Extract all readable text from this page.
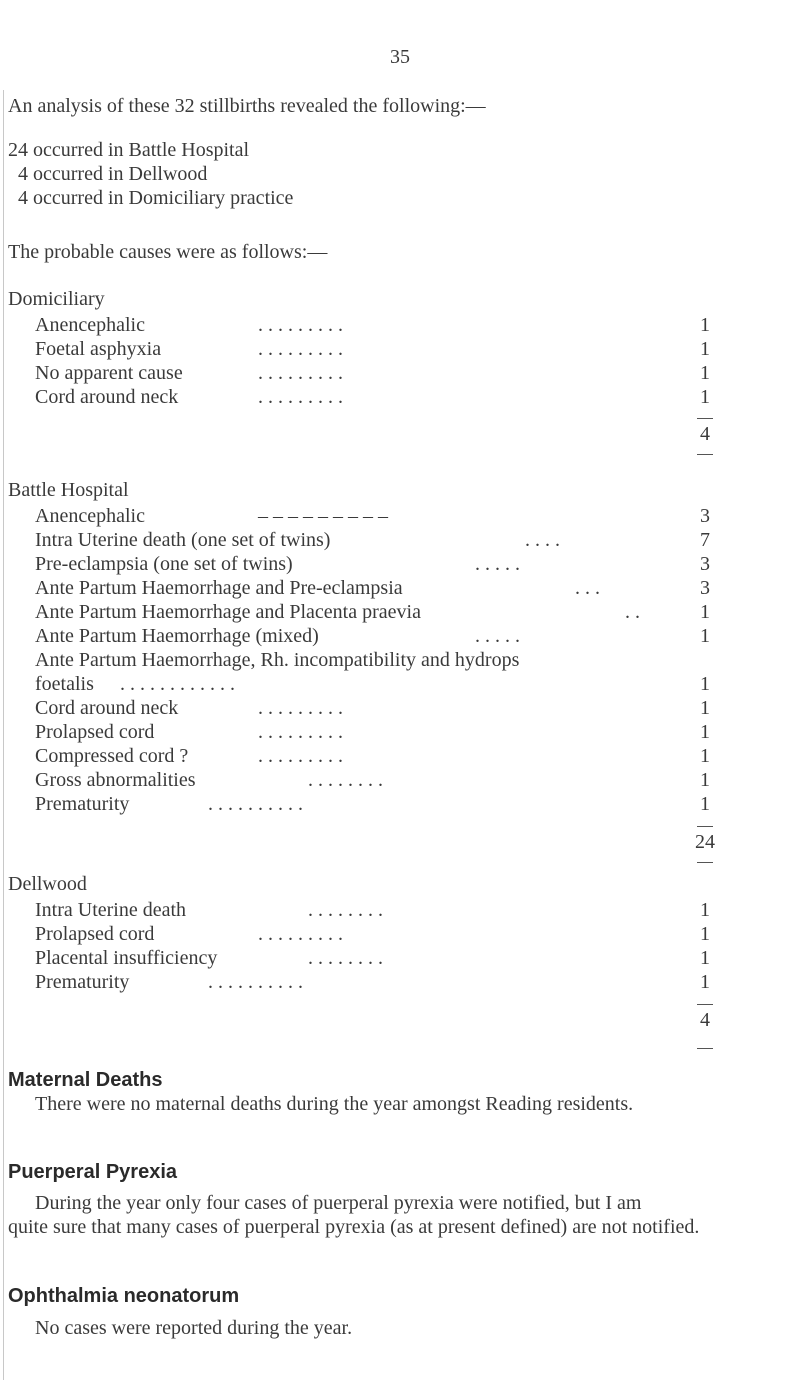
35
An analysis of these 32 stillbirths revealed the following:—
24 occurred in Battle Hospital
4 occurred in Dellwood
4 occurred in Domiciliary practice
The probable causes were as follows:—
Domiciliary
Anencephalic	. . . . . . . . .	1
Foetal asphyxia	. . . . . . . . .	1
No apparent cause	. . . . . . . . .	1
Cord around neck	. . . . . . . . .	1
4
Battle Hospital
Anencephalic	– – – – – – – – –	3
Intra Uterine death (one set of twins)	. . . .	7
Pre-eclampsia (one set of twins)	. . . . .	3
Ante Partum Haemorrhage and Pre-eclampsia	. . .	3
Ante Partum Haemorrhage and Placenta praevia	. .	1
Ante Partum Haemorrhage (mixed)	. . . . .	1
Ante Partum Haemorrhage, Rh. incompatibility and hydrops
foetalis . . . . . . . . . . . .	1
Cord around neck	. . . . . . . . .	1
Prolapsed cord	. . . . . . . . .	1
Compressed cord ?	. . . . . . . . .	1
Gross abnormalities	. . . . . . . .	1
Prematurity	. . . . . . . . . .	1
24
Dellwood
Intra Uterine death	. . . . . . . .	1
Prolapsed cord	. . . . . . . . .	1
Placental insufficiency	. . . . . . . .	1
Prematurity	. . . . . . . . . .	1
4
Maternal Deaths
There were no maternal deaths during the year amongst Reading residents.
Puerperal Pyrexia
During the year only four cases of puerperal pyrexia were notified, but I am
quite sure that many cases of puerperal pyrexia (as at present defined) are not notified.
Ophthalmia neonatorum
No cases were reported during the year.
